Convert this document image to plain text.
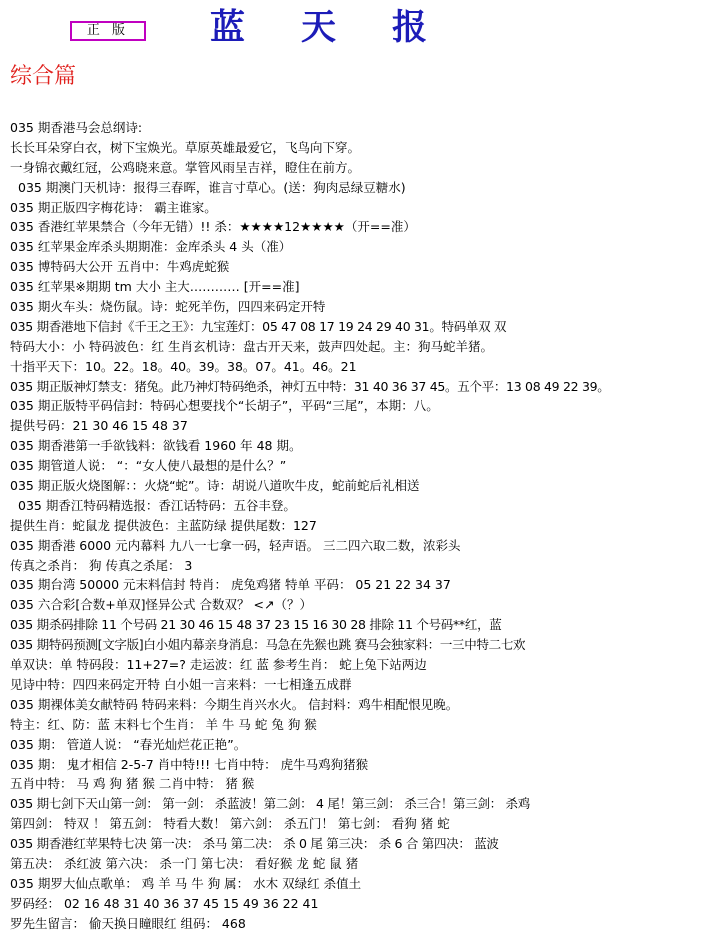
正 版	蓝天报
综合篇
035 期香港马会总纲诗:
长长耳朵穿白衣，树下宝焕光。草原英雄最爱它，飞鸟向下穿。
一身锦衣戴红冠，公鸡晓来意。掌管风雨呈吉祥，瞪住在前方。
035 期澳门天机诗：报得三春晖，谁言寸草心。(送：狗肉忌绿豆糖水)
035 期正版四字梅花诗： 霸主谁家。
035 香港红苹果禁合（今年无错）!! 杀：★★★★12★★★★（开==准）
035 红苹果金库杀头期期准：金库杀头 4 头（准）
035 博特码大公开 五肖中：牛鸡虎蛇猴
035 红苹果※期期 tm 大小 主大………… [开==准]
035 期火车头：烧伤鼠。诗：蛇死羊伤，四四来码定开特
035 期香港地下信封《千王之王》：九宝莲灯：05 47 08 17 19 24 29 40 31。特码单双 双
特码大小：小 特码波色：红 生肖玄机诗：盘古开天来，鼓声四处起。主：狗马蛇羊猪。
十指平天下：10。22。18。40。39。38。07。41。46。21
035 期正版神灯禁支：猪兔。此乃神灯特码绝杀，神灯五中特：31 40 36 37 45。五个平：13 08 49 22 39。
035 期正版特平码信封：特码心想要找个“长胡子”，平码“三尾”，本期：八。
提供号码：21 30 46 15 48 37
035 期香港第一手欲钱料：欲钱看 1960 年 48 期。
035 期管道人说： “：“女人使八最想的是什么？”
035 期正版火烧图解：：火烧“蛇”。诗：胡说八道吹牛皮，蛇前蛇后礼相送
035 期香江特码精选报：香江话特码：五谷丰登。
提供生肖：蛇鼠龙 提供波色：主蓝防绿 提供尾数：127
035 期香港 6000 元内幕料 九八一七拿一码，轻声语。 三二四六取二数，浓彩头
传真之杀肖： 狗 传真之杀尾： 3
035 期台湾 50000 元末料信封 特肖： 虎兔鸡猪 特单 平码： 05 21 22 34 37
035 六合彩[合数+单双]怪异公式 合数双？ <↗（？）
035 期杀码排除 11 个号码 21 30 46 15 48 37 23 15 16 30 28 排除 11 个号码**红，蓝
035 期特码预测[文字版]白小姐内幕亲身消息：马急在先猴也跳 赛马会独家料：一三中特二七欢
单双诀：单 特码段：11+27=? 走运波：红 蓝 参考生肖： 蛇上兔下站两边
见诗中特：四四来码定开特 白小姐一言来料：一七相逢五成群
035 期裸体美女献特码 特码来料：今期生肖兴水火。 信封料：鸡牛相配恨见晚。
特主：红、防：蓝 末料七个生肖： 羊 牛 马 蛇 兔 狗 猴
035 期： 管道人说： “春光灿烂花正艳”。
035 期： 鬼才相信 2-5-7 肖中特!!! 七肖中特： 虎牛马鸡狗猪猴
五肖中特： 马 鸡 狗 猪 猴 二肖中特： 猪 猴
035 期七剑下天山第一剑： 第一剑： 杀蓝波！第二剑： 4 尾！第三剑： 杀三合！第三剑： 杀鸡
第四剑： 特双 ！ 第五剑： 特看大数！ 第六剑： 杀五门！ 第七剑： 看狗 猪 蛇
035 期香港红苹果特七决 第一决： 杀马 第二决： 杀 0 尾 第三决： 杀 6 合 第四决： 蓝波
第五决： 杀红波 第六决： 杀一门 第七决： 看好猴 龙 蛇 鼠 猪
035 期罗大仙点歌单： 鸡 羊 马 牛 狗 属： 水木 双绿红 杀值土
罗码经： 02 16 48 31 40 36 37 45 15 49 36 22 41
罗先生留言： 偷天换日瞳眼红 组码： 468
